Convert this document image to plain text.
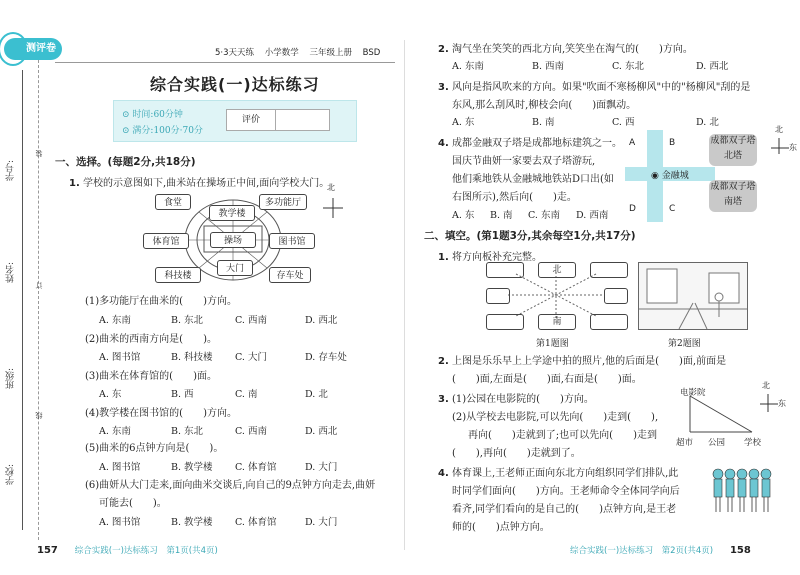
学号:
姓名:
班级:
学校:
装
订
线
测评卷	5·3天天练 小学数学 三年级上册 BSD
综合实践(一)达标练习
⊙ 时间:60分钟
⊙ 满分:100分·70分
评价
一、选择。(每题2分,共18分)
1. 学校的示意图如下,曲米站在操场正中间,面向学校大门。
食堂	多功能厅
教学楼
体育馆	操场	图书馆
科技楼
大门
存车处
北
(1)多功能厅在曲米的(　　)方向。
A. 东南	B. 东北	C. 西南	D. 西北
(2)曲米的西南方向是(　　)。
A. 图书馆	B. 科技楼 C. 大门	D. 存车处
(3)曲米在体育馆的(　　)面。
A. 东	B. 西	C. 南	D. 北
(4)教学楼在图书馆的(　　)方向。
A. 东南	B. 东北	C. 西南	D. 西北
(5)曲米的6点钟方向是(　　)。
A. 图书馆	B. 教学楼 C. 体育馆	D. 大门
(6)曲妍从大门走来,面向曲米交谈后,向自己的9点钟方向走去,曲妍
可能去(　　)。
A. 图书馆	B. 教学楼 C. 体育馆	D. 大门
157 综合实践(一)达标练习　第1页(共4页)
2. 淘气坐在笑笑的西北方向,笑笑坐在淘气的(　　)方向。
A. 东南	B. 西南	C. 东北	D. 西北
3. 风向是指风吹来的方向。如果"吹面不寒杨柳风"中的"杨柳风"刮的是
东风,那么刮风时,柳枝会向(　　)面飘动。
A. 东	B. 南	C. 西	D. 北
4. 成都金融双子塔是成都地标建筑之一。
国庆节曲妍一家要去双子塔游玩,
他们乘地铁从金融城地铁站D口出(如
右图所示),然后向(　　)走。
A. 东 B. 南 C. 东南 D. 西南
A	B
D	C
◉ 金融城
成都双子塔北塔
成都双子塔南塔
北
东
二、填空。(第1题3分,其余每空1分,共17分)
1. 将方向板补充完整。
北
南
第1题图	第2题图
2. 上图是乐乐早上上学途中拍的照片,他的后面是(　　)面,前面是
(　　)面,左面是(　　)面,右面是(　　)面。
3. (1)公园在电影院的(　　)方向。
(2)从学校去电影院,可以先向(　　)走到(　　),
再向(　　)走就到了;也可以先向(　　)走到
(　　),再向(　　)走就到了。
电影院
超市 公园 学校
北
东
4. 体育课上,王老师正面向东北方向组织同学们排队,此
时同学们面向(　　)方向。王老师命令全体同学向后
看齐,同学们看向的是自己的(　　)点钟方向,是王老
师的(　　)点钟方向。
综合实践(一)达标练习　第2页(共4页) 158
